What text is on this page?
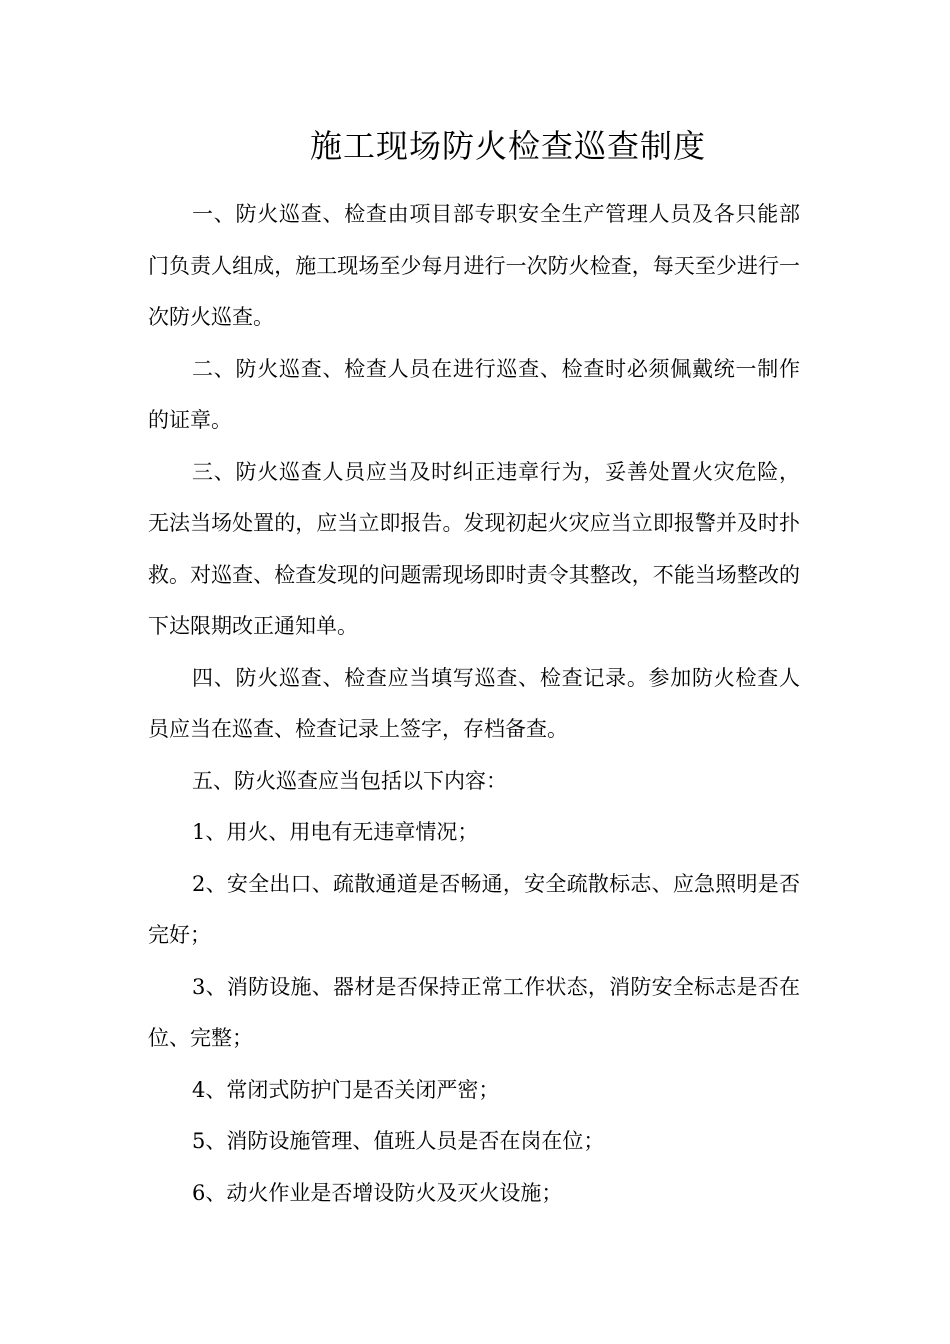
施工现场防火检查巡查制度

一、防火巡查、检查由项目部专职安全生产管理人员及各只能部门负责人组成，施工现场至少每月进行一次防火检查，每天至少进行一次防火巡查。

二、防火巡查、检查人员在进行巡查、检查时必须佩戴统一制作的证章。

三、防火巡查人员应当及时纠正违章行为，妥善处置火灾危险，无法当场处置的，应当立即报告。发现初起火灾应当立即报警并及时扑救。对巡查、检查发现的问题需现场即时责令其整改，不能当场整改的下达限期改正通知单。

四、防火巡查、检查应当填写巡查、检查记录。参加防火检查人员应当在巡查、检查记录上签字，存档备查。

五、防火巡查应当包括以下内容：

1、用火、用电有无违章情况；

2、安全出口、疏散通道是否畅通，安全疏散标志、应急照明是否完好；

3、消防设施、器材是否保持正常工作状态，消防安全标志是否在位、完整；

4、常闭式防护门是否关闭严密；

5、消防设施管理、值班人员是否在岗在位；

6、动火作业是否增设防火及灭火设施；
